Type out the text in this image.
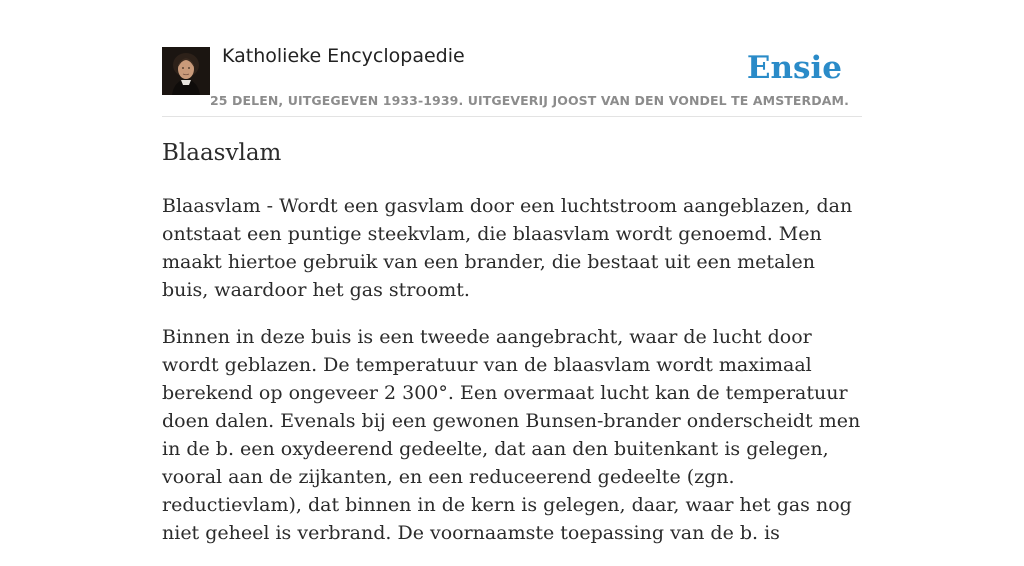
Katholieke Encyclopaedie
25 DELEN, UITGEGEVEN 1933-1939. UITGEVERIJ JOOST VAN DEN VONDEL TE AMSTERDAM.
Ensie
Blaasvlam

Blaasvlam - Wordt een gasvlam door een luchtstroom aangeblazen, dan ontstaat een puntige steekvlam, die blaasvlam wordt genoemd. Men maakt hiertoe gebruik van een brander, die bestaat uit een metalen buis, waardoor het gas stroomt.

Binnen in deze buis is een tweede aangebracht, waar de lucht door wordt geblazen. De temperatuur van de blaasvlam wordt maximaal berekend op ongeveer 2 300°. Een overmaat lucht kan de temperatuur doen dalen. Evenals bij een gewonen Bunsen-brander onderscheidt men in de b. een oxydeerend gedeelte, dat aan den buitenkant is gelegen, vooral aan de zijkanten, en een reduceerend gedeelte (zgn. reductievlam), dat binnen in de kern is gelegen, daar, waar het gas nog niet geheel is verbrand. De voornaamste toepassing van de b. is
